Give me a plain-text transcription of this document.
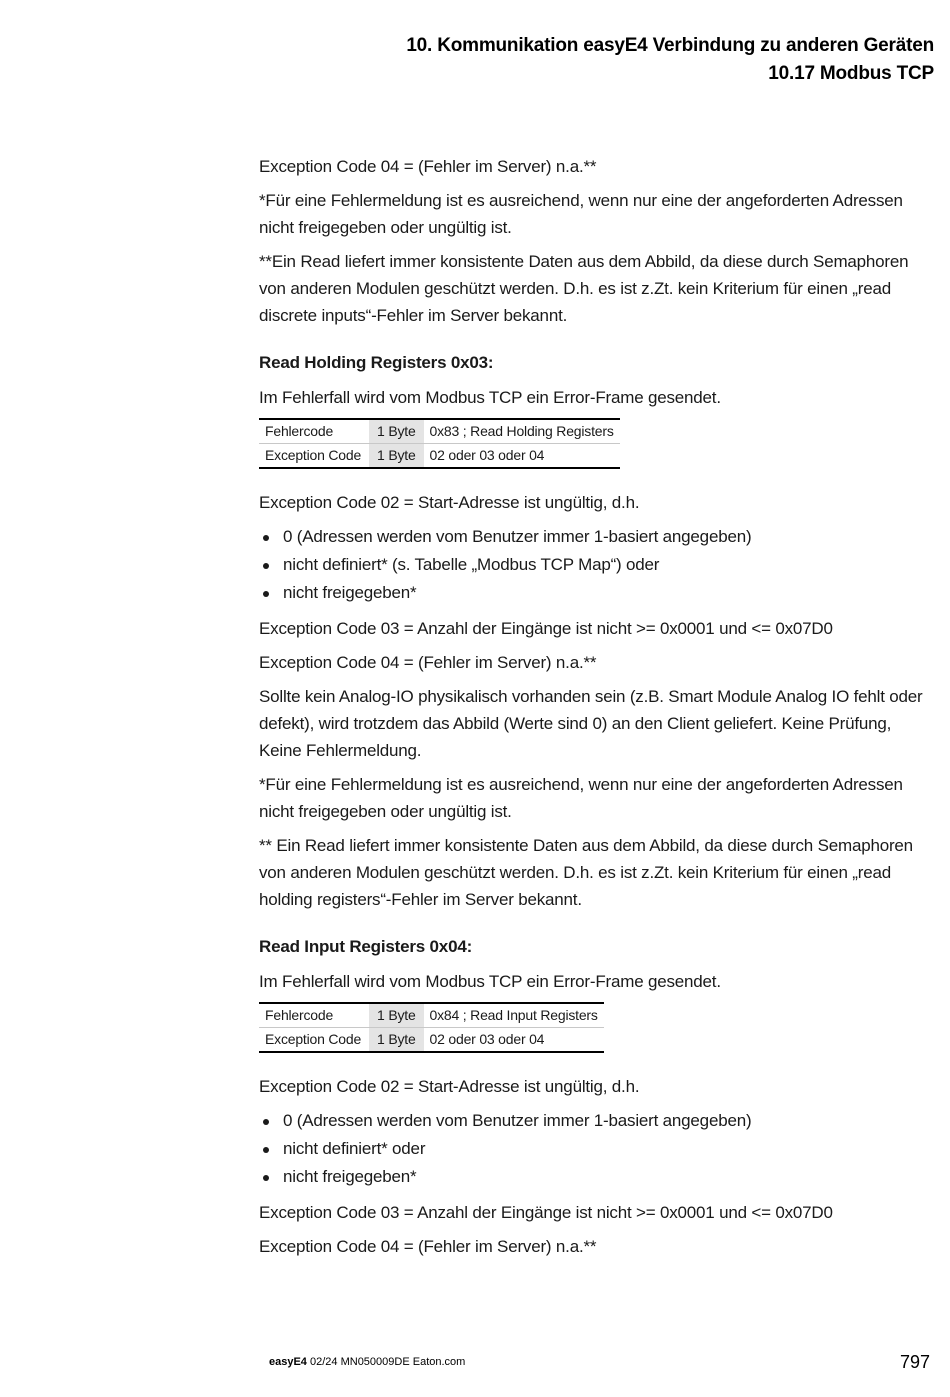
10. Kommunikation easyE4 Verbindung zu anderen Geräten
10.17 Modbus TCP

Exception Code 04 = (Fehler im Server) n.a.**

*Für eine Fehlermeldung ist es ausreichend, wenn nur eine der angeforderten Adressen nicht freigegeben oder ungültig ist.

**Ein Read liefert immer konsistente Daten aus dem Abbild, da diese durch Semaphoren von anderen Modulen geschützt werden. D.h. es ist z.Zt. kein Kriterium für einen „read discrete inputs“-Fehler im Server bekannt.

Read Holding Registers 0x03:

Im Fehlerfall wird vom Modbus TCP ein Error-Frame gesendet.

Fehlercode	1 Byte	0x83 ; Read Holding Registers
Exception Code	1 Byte	02 oder 03 oder 04

Exception Code 02 = Start-Adresse ist ungültig, d.h.

0 (Adressen werden vom Benutzer immer 1-basiert angegeben)
nicht definiert* (s. Tabelle „Modbus TCP Map“) oder
nicht freigegeben*

Exception Code 03 = Anzahl der Eingänge ist nicht >= 0x0001 und <= 0x07D0

Exception Code 04 = (Fehler im Server) n.a.**

Sollte kein Analog-IO physikalisch vorhanden sein (z.B. Smart Module Analog IO fehlt oder defekt), wird trotzdem das Abbild (Werte sind 0) an den Client geliefert. Keine Prüfung, Keine Fehlermeldung.

*Für eine Fehlermeldung ist es ausreichend, wenn nur eine der angeforderten Adressen nicht freigegeben oder ungültig ist.

** Ein Read liefert immer konsistente Daten aus dem Abbild, da diese durch Semaphoren von anderen Modulen geschützt werden. D.h. es ist z.Zt. kein Kriterium für einen „read holding registers“-Fehler im Server bekannt.

Read Input Registers 0x04:

Im Fehlerfall wird vom Modbus TCP ein Error-Frame gesendet.

Fehlercode	1 Byte	0x84 ; Read Input Registers
Exception Code	1 Byte	02 oder 03 oder 04

Exception Code 02 = Start-Adresse ist ungültig, d.h.

0 (Adressen werden vom Benutzer immer 1-basiert angegeben)
nicht definiert* oder
nicht freigegeben*

Exception Code 03 = Anzahl der Eingänge ist nicht >= 0x0001 und <= 0x07D0

Exception Code 04 = (Fehler im Server) n.a.**

easyE4 02/24 MN050009DE Eaton.com	797
